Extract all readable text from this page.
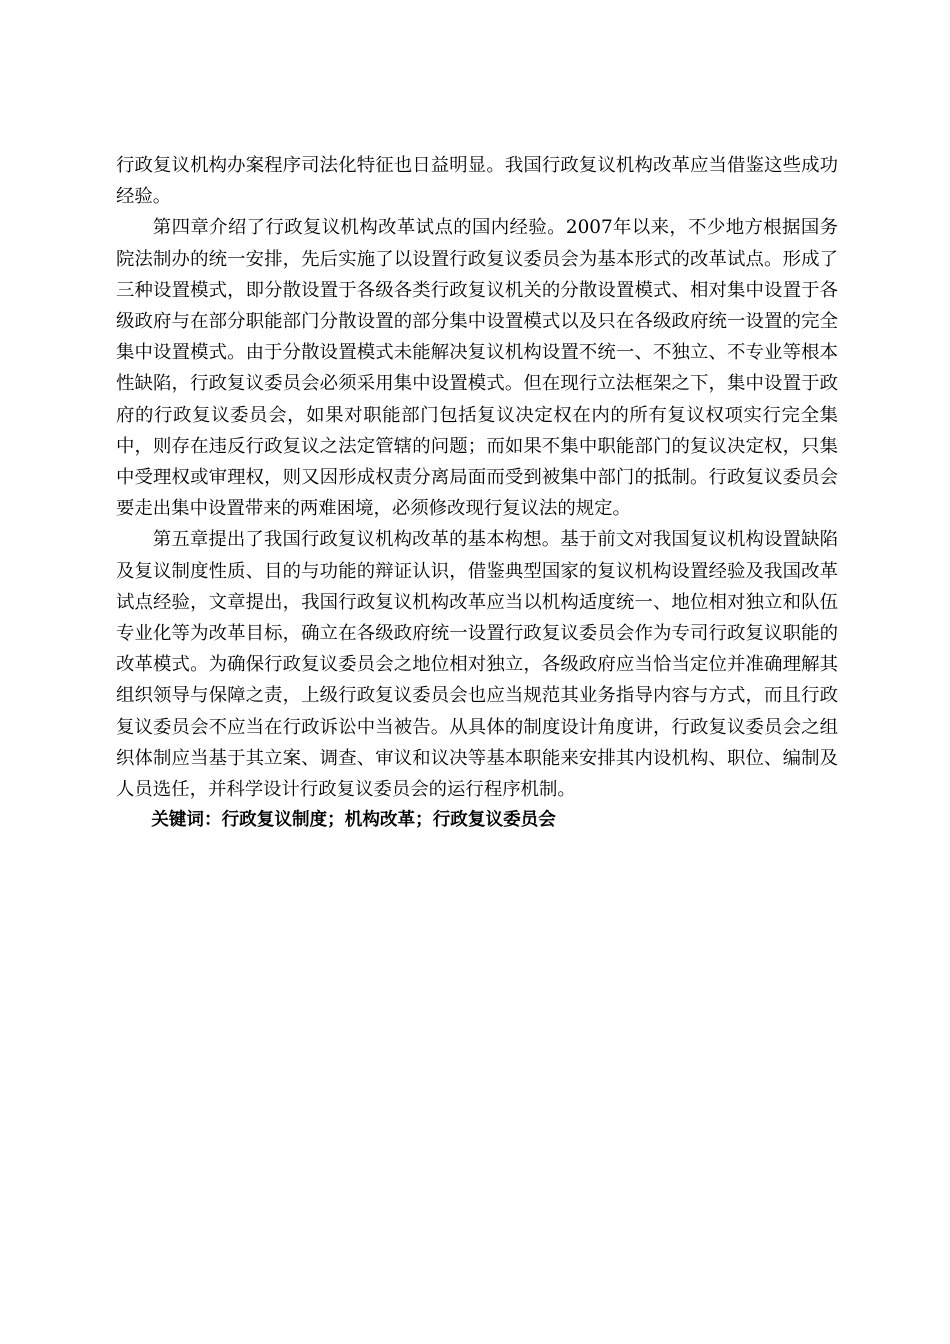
行政复议机构办案程序司法化特征也日益明显。我国行政复议机构改革应当借鉴这些成功经验。

第四章介绍了行政复议机构改革试点的国内经验。2007年以来，不少地方根据国务院法制办的统一安排，先后实施了以设置行政复议委员会为基本形式的改革试点。形成了三种设置模式，即分散设置于各级各类行政复议机关的分散设置模式、相对集中设置于各级政府与在部分职能部门分散设置的部分集中设置模式以及只在各级政府统一设置的完全集中设置模式。由于分散设置模式未能解决复议机构设置不统一、不独立、不专业等根本性缺陷，行政复议委员会必须采用集中设置模式。但在现行立法框架之下，集中设置于政府的行政复议委员会，如果对职能部门包括复议决定权在内的所有复议权项实行完全集中，则存在违反行政复议之法定管辖的问题；而如果不集中职能部门的复议决定权，只集中受理权或审理权，则又因形成权责分离局面而受到被集中部门的抵制。行政复议委员会要走出集中设置带来的两难困境，必须修改现行复议法的规定。

第五章提出了我国行政复议机构改革的基本构想。基于前文对我国复议机构设置缺陷及复议制度性质、目的与功能的辩证认识，借鉴典型国家的复议机构设置经验及我国改革试点经验，文章提出，我国行政复议机构改革应当以机构适度统一、地位相对独立和队伍专业化等为改革目标，确立在各级政府统一设置行政复议委员会作为专司行政复议职能的改革模式。为确保行政复议委员会之地位相对独立，各级政府应当恰当定位并准确理解其组织领导与保障之责，上级行政复议委员会也应当规范其业务指导内容与方式，而且行政复议委员会不应当在行政诉讼中当被告。从具体的制度设计角度讲，行政复议委员会之组织体制应当基于其立案、调查、审议和议决等基本职能来安排其内设机构、职位、编制及人员选任，并科学设计行政复议委员会的运行程序机制。

关键词：行政复议制度；机构改革；行政复议委员会
